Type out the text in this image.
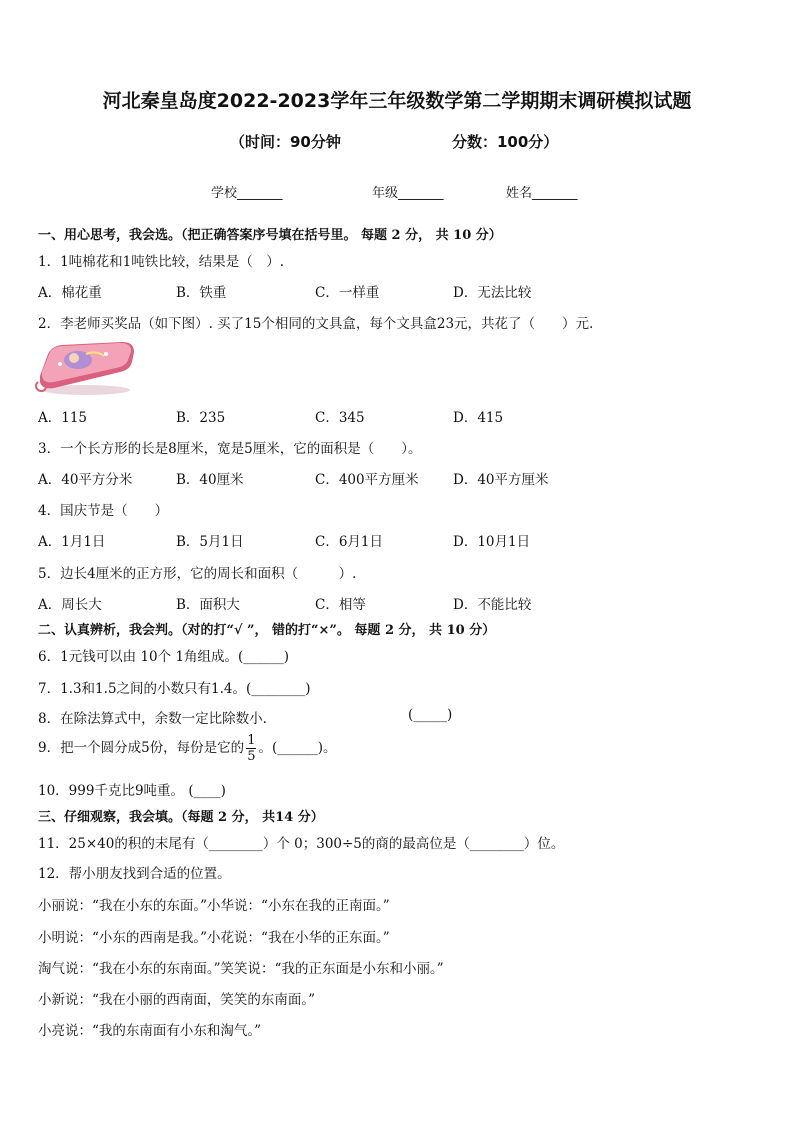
河北秦皇岛度2022-2023学年三年级数学第二学期期末调研模拟试题
（时间：90分钟	分数：100分）
学校_______	年级_______	姓名_______
一、用心思考，我会选。（把正确答案序号填在括号里。 每题 2 分， 共 10 分）
1．1吨棉花和1吨铁比较，结果是（　）.
A．棉花重	B．铁重	C．一样重	D．无法比较
2．李老师买奖品（如下图）. 买了15个相同的文具盒，每个文具盒23元，共花了（　　）元.
A．115	B．235	C．345	D．415
3．一个长方形的长是8厘米，宽是5厘米，它的面积是（　　）。
A．40平方分米	B．40厘米	C．400平方厘米	D．40平方厘米
4．国庆节是（　　）
A．1月1日	B．5月1日	C．6月1日	D．10月1日
5．边长4厘米的正方形，它的周长和面积（　　　）.
A．周长大	B．面积大	C．相等	D．不能比较
二、认真辨析，我会判。（对的打“√ ”， 错的打“×”。 每题 2 分， 共 10 分）
6．1元钱可以由 10个 1角组成。(______)
7．1.3和1.5之间的小数只有1.4。(________)
8．在除法算式中，余数一定比除数小.	(_____)
9．把一个圆分成5份，每份是它的 $\frac{1}{5}$ 。(______)。
10．999千克比9吨重。 (____)
三、仔细观察，我会填。（每题 2 分， 共14 分）
11．25×40的积的末尾有（________）个 0；300÷5的商的最高位是（________）位。
12．帮小朋友找到合适的位置。
小丽说：“我在小东的东面。”小华说：“小东在我的正南面。”
小明说：“小东的西南是我。”小花说：“我在小华的正东面。”
淘气说：“我在小东的东南面。”笑笑说：“我的正东面是小东和小丽。”
小新说：“我在小丽的西南面，笑笑的东南面。”
小亮说：“我的东南面有小东和淘气。”
